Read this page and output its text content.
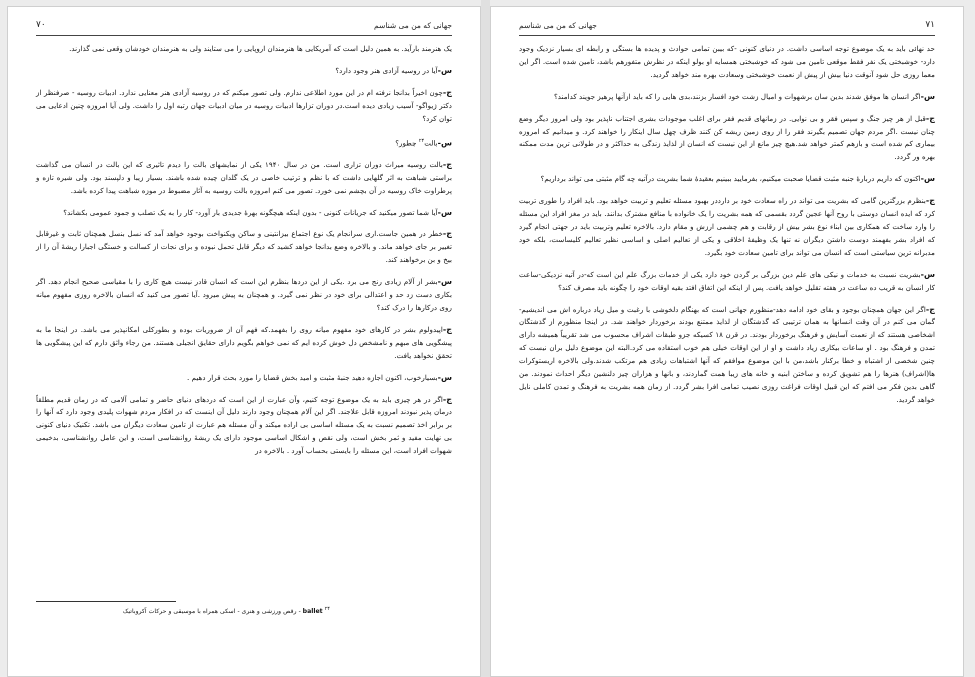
جهانی که من می شناسم
۷۰
یک هنرمند بارآید. به همین دلیل است که آمریکایی ها هنرمندان اروپایی را می ستایند ولی به هنرمندان خودشان وقعی نمی گذارند.
س-آیا در روسیه آزادی هنر وجود دارد؟
ج-چون اخیراً بدانجا نرفته ام در این مورد اطلاعی ندارم. ولی تصور میکنم که در روسیه آزادی هنر معنایی ندارد. ادبیات روسیه - صرفنظر از دکتر ژیواگو- آسیب زیادی دیده است.در دوران تزارها ادبیات روسیه در میان ادبیات جهان رتبه اول را داشت. ولی آیا امروزه چنین ادعایی می توان کرد؟
س-بالت$^{۲۴}$ چطور؟
ج-بالت روسیه میراث دوران تزاری است. من در سال ۱۹۴۰ یکی از نمایشهای بالت را دیدم تاثیری که این بالت در انسان می گذاشت براستی شباهت به اثر گلهایی داشت که با نظم و ترتیب خاصی در یک گلدان چیده شده باشند. بسیار زیبا و دلپسند بود. ولی شیره تازه و پرطراوت خاک روسیه در آن بچشم نمی خورد. تصور می کنم امروزه بالت روسیه به آثار مضبوط در موزه شباهت پیدا کرده باشد.
س-آیا شما تصور میکنید که جریانات کنونی - بدون اینکه هیچگونه بهرهٔ جدیدی بار آورد- کار را به یک تصلب و جمود عمومی بکشاند؟
ج-خطر در همین جاست.اری سرانجام یک نوع اجتماع بیزانتینی و ساکن ویکنواخت بوجود خواهد آمد که نسل بنسل همچنان ثابت و غیرقابل تغییر بر جای خواهد ماند. و بالاخره وضع بدانجا خواهد کشید که دیگر قابل تحمل نبوده و برای نجات از کسالت و خستگی اجبارا ریشهٔ آن را از بیخ و بن برخواهند کند.
س-بشر از آلام زیادی رنج می برد .یکی از این دردها بنظرم این است که انسان قادر نیست هیچ کاری را با مقیاسی صحیح انجام دهد. اگر بکاری دست زد حد و اعتدالی برای خود در نظر نمی گیرد. و همچنان به پیش میرود .آیا تصور می کنید که انسان بالاخره روزی مفهوم میانه روی درکارها را درک کند؟
ج-اپیدولوم بشر در کارهای خود مفهوم میانه روی را بفهمد.که فهم آن از ضروریات بوده و بطورکلی امکانپذیر می باشد. در اینجا ما به پیشگویی های مبهم و نامشخص دل خوش کرده ایم که نمی خواهم بگویم دارای حقایق انجیلی هستند. من رجاء واثق دارم که این پیشگویی ها تحقق نخواهد یافت.
س-بسیارخوب، اکنون اجازه دهید جنبهٔ مثبت و امید بخش قضایا را مورد بحث قرار دهیم .
ج-اگر در هر چیزی باید به یک موضوع توجه کنیم، وآن عبارت از این است که دردهای دنیای حاضر و تمامی آلامی که در زمان قدیم مطلقاً درمان پذیر نبودند امروزه قابل علاجند. اگر این آلام همچنان وجود دارند دلیل آن اینست که در افکار مردم شهوات پلیدی وجود دارد که آنها را بر برابر اخذ تصمیم نسبت به یک مسئله اساسی بی اراده میکند و آن مسئله هم عبارت از تامین سعادت دیگران می باشد. تکنیک دنیای کنونی بی نهایت مفید و ثمر بخش است، ولی نقص و اشکال اساسی موجود دارای یک ریشهٔ روانشناسی است، و این عامل روانشناسی، بدخیمی شهوات افراد است، این مسئله را بایستی بحساب آورد . بالاخره در
$^{۲۴}$ ballet - رقص ورزشی و هنری - اسکی همراه با موسیقی و حرکات آکروباتیک
جهانی که من می شناسم	۷۱
حد نهائی باید به یک موضوع توجه اساسی داشت. در دنیای کنونی -که بیبن تمامی حوادث و پدیده ها بستگی و رابطه ای بسیار نزدیک وجود دارد- خوشبختی یک نفر فقط موقعی تامین می شود که خوشبختی همسایه او بولو اینکه در نظرش متفورهم باشد، تامین شده است. اگر این معما روزی حل شود آنوقت دنیا بیش از پیش از نعمت خوشبختی وسعادت بهره مند خواهد گردید.
س-اگر انسان ها موفق شدند بدین سان برشهوات و امیال زشت خود افسار بزنند،بدی هایی را که باید ازآنها پرهیز جویند کدامند؟
ج-قبل از هر چیز جنگ و سپس فقر و بی نوایی. در زمانهای قدیم فقر برای اغلب موجودات بشری اجتناب ناپذیر بود ولی امروز دیگر وضع چنان نیست .اگر مردم جهان تصمیم بگیرند فقر را از روی زمین ریشه کن کنند ظرف چهل سال اینکار را خواهند کرد. و میدانیم که امروزه بیماری کم شده است و بازهم کمتر خواهد شد.هیچ چیز مانع از این نیست که انسان از لذایذ زندگی به حداکثر و در طولانی ترین مدت ممکنه بهره ور گردد.
س-اکنون که داریم دربارهٔ جنبه مثبت قضایا صحبت میکنیم، بفرمایید ببینیم بعقیدهٔ شما بشریت درآتیه چه گام مثبتی می تواند برداریم؟
ج-بنظرم بزرگترین گامی که بشریت می تواند در راه سعادت خود بر دارددر بهبود مسئله تعلیم و تربیت خواهد بود. باید افراد را طوری تربیت کرد که ایده انسان دوستی با روح آنها عجین گردد بقسمی که همه بشریت را یک خانواده با منافع مشترک بدانند. باید در مغز افراد این مسئله را وارد ساخت که همکاری بین ابناء نوع بشر بیش از رقابت و هم چشمی ارزش و مقام دارد. بالاخره تعلیم وتربیت باید در جهتی انجام گیرد که افراد بشر بفهمند دوست داشتن دیگران نه تنها یک وظیفهٔ اخلاقی و یکی از تعالیم اصلی و اساسی نظیر تعالیم کلیساست، بلکه خود مدبرانه ترین سیاستی است که انسان می تواند برای تامین سعادت خود بگیرد.
س-بشریت نسبت به خدمات و نیکی های علم دین بزرگی بر گردن خود دارد یکی از خدمات بزرگ علم این است که-در آتیه نزدیکی-ساعت کار انسان به قریب ده ساعت در هفته تقلیل خواهد یافت. پس از اینکه این اتفاق افتد بقیه اوقات خود را چگونه باید مصرف کند؟
ج-اگر این جهان همچنان بوجود و بقای خود ادامه دهد-منظورم جهانی است که بهنگام دلخوشی با رغبت و میل زیاد درباره اش می اندیشیم-گمان می کنم در آن وقت انسانها به همان ترتیبی که گذشتگان از لذایذ ممتنع بودند برخوردار خواهند شد. در اینجا منظورم از گذشتگان اشخاصی هستند که از نعمت آسایش و فرهنگ برخوردار بودند. در قرن ۱۸ کسیکه جزو طبقات اشراف محسوب می شد تقریباً همیشه دارای تمدن و فرهنگ بود . او ساعات بیکاری زیاد داشت و او از این اوقات خیلی هم خوب استفاده می کرد.البته این موضوع دلیل بران نیست که چنین شخصی از اشتباه و خطا برکنار باشد،من با این موضوع موافقم که آنها اشتباهات زیادی هم مرتکب شدند.ولی بالاخره اریستوکرات ها(اشراف) هنرها را هم تشویق کرده و ساختن ابنیه و خانه های زیبا همت گماردند، و بانها و هزاران چیز دلنشین دیگر احداث نمودند. من گاهی بدین فکر می افتم که این قبیل اوقات فراغت روزی نصیب تمامی افرا بشر گردد. از زمان همه بشریت به فرهنگ و تمدن کاملی نایل خواهد گردید.
